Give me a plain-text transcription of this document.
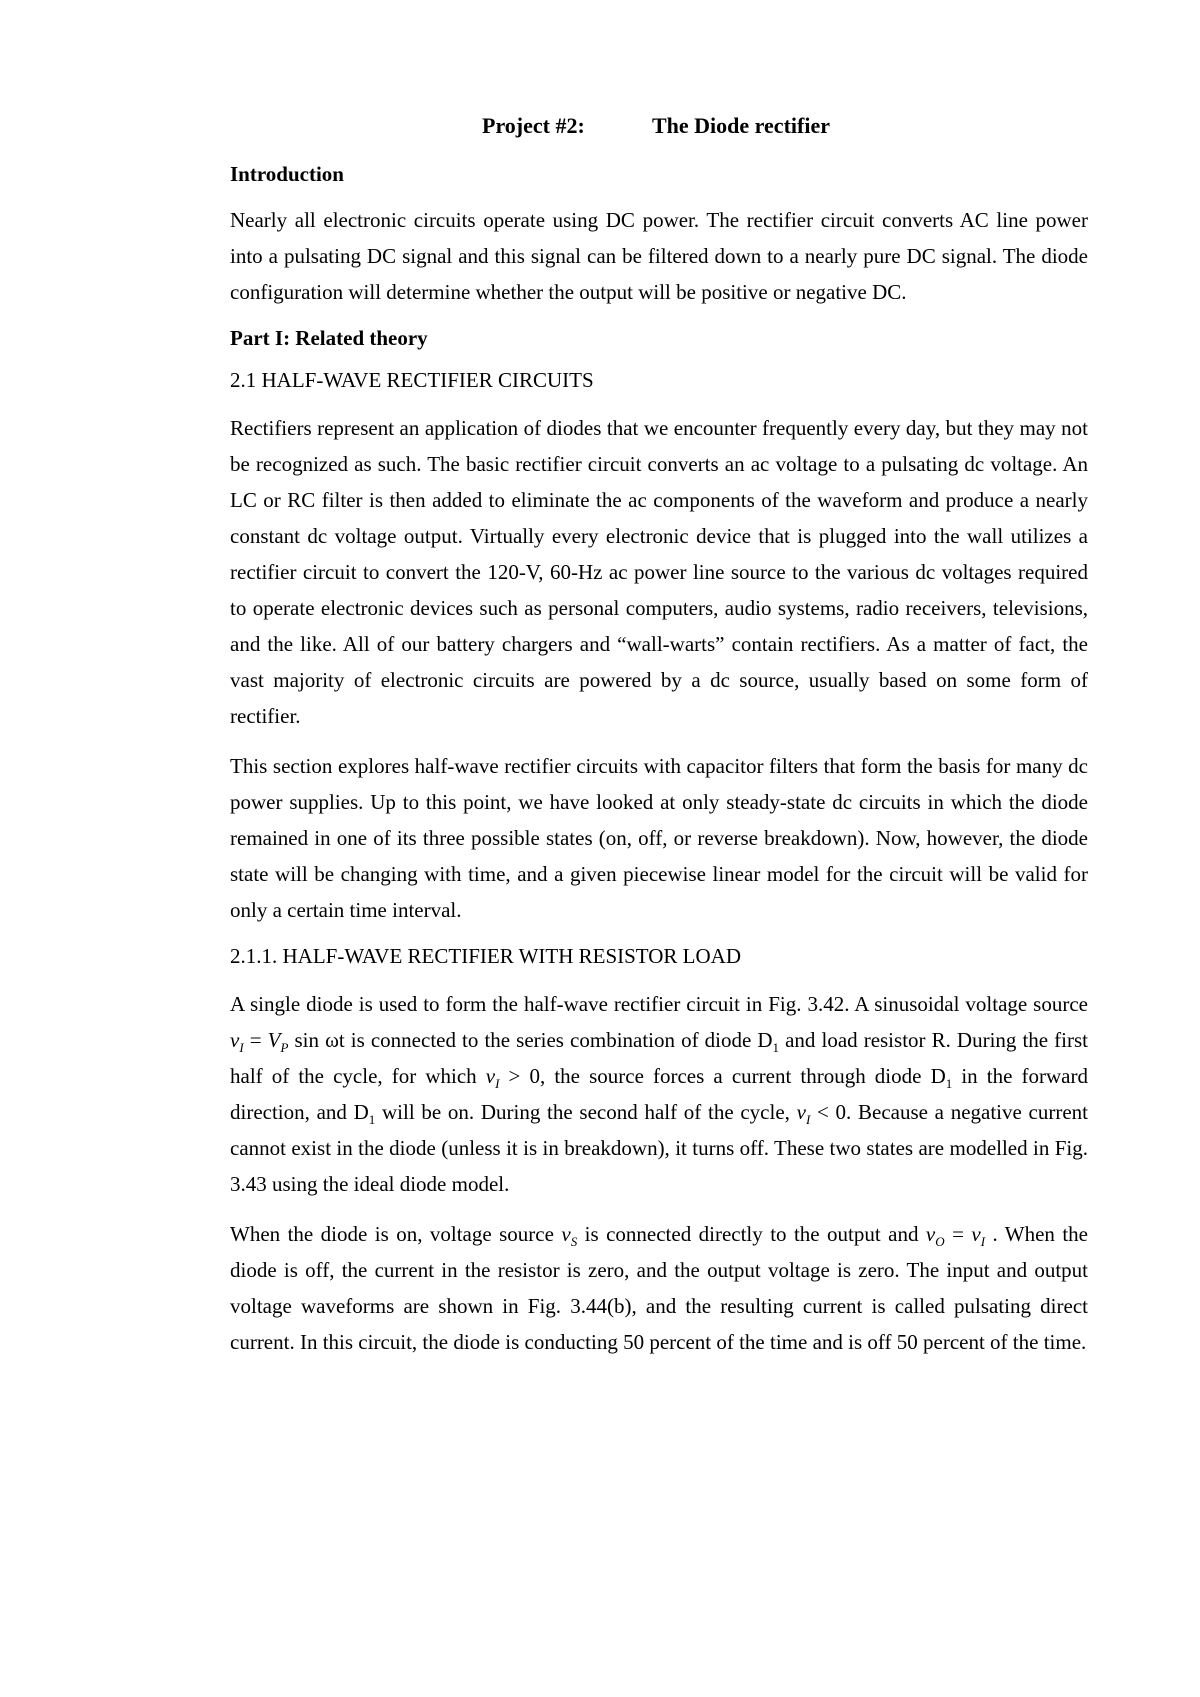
Project #2:	The Diode rectifier
Introduction

Nearly all electronic circuits operate using DC power. The rectifier circuit converts AC line power into a pulsating DC signal and this signal can be filtered down to a nearly pure DC signal. The diode configuration will determine whether the output will be positive or negative DC.

Part I: Related theory
2.1 HALF-WAVE RECTIFIER CIRCUITS

Rectifiers represent an application of diodes that we encounter frequently every day, but they may not be recognized as such. The basic rectifier circuit converts an ac voltage to a pulsating dc voltage. An LC or RC filter is then added to eliminate the ac components of the waveform and produce a nearly constant dc voltage output. Virtually every electronic device that is plugged into the wall utilizes a rectifier circuit to convert the 120-V, 60-Hz ac power line source to the various dc voltages required to operate electronic devices such as personal computers, audio systems, radio receivers, televisions, and the like. All of our battery chargers and “wall-warts” contain rectifiers. As a matter of fact, the vast majority of electronic circuits are powered by a dc source, usually based on some form of rectifier.

This section explores half-wave rectifier circuits with capacitor filters that form the basis for many dc power supplies. Up to this point, we have looked at only steady-state dc circuits in which the diode remained in one of its three possible states (on, off, or reverse breakdown). Now, however, the diode state will be changing with time, and a given piecewise linear model for the circuit will be valid for only a certain time interval.

2.1.1. HALF-WAVE RECTIFIER WITH RESISTOR LOAD

A single diode is used to form the half-wave rectifier circuit in Fig. 3.42. A sinusoidal voltage source $v_I = V_P$ sin ωt is connected to the series combination of diode $D_1$ and load resistor R. During the first half of the cycle, for which $v_I > 0$, the source forces a current through diode $D_1$ in the forward direction, and $D_1$ will be on. During the second half of the cycle, $v_I < 0$. Because a negative current cannot exist in the diode (unless it is in breakdown), it turns off. These two states are modelled in Fig. 3.43 using the ideal diode model.

When the diode is on, voltage source $v_S$ is connected directly to the output and $v_O = v_I$ . When the diode is off, the current in the resistor is zero, and the output voltage is zero. The input and output voltage waveforms are shown in Fig. 3.44(b), and the resulting current is called pulsating direct current. In this circuit, the diode is conducting 50 percent of the time and is off 50 percent of the time.
